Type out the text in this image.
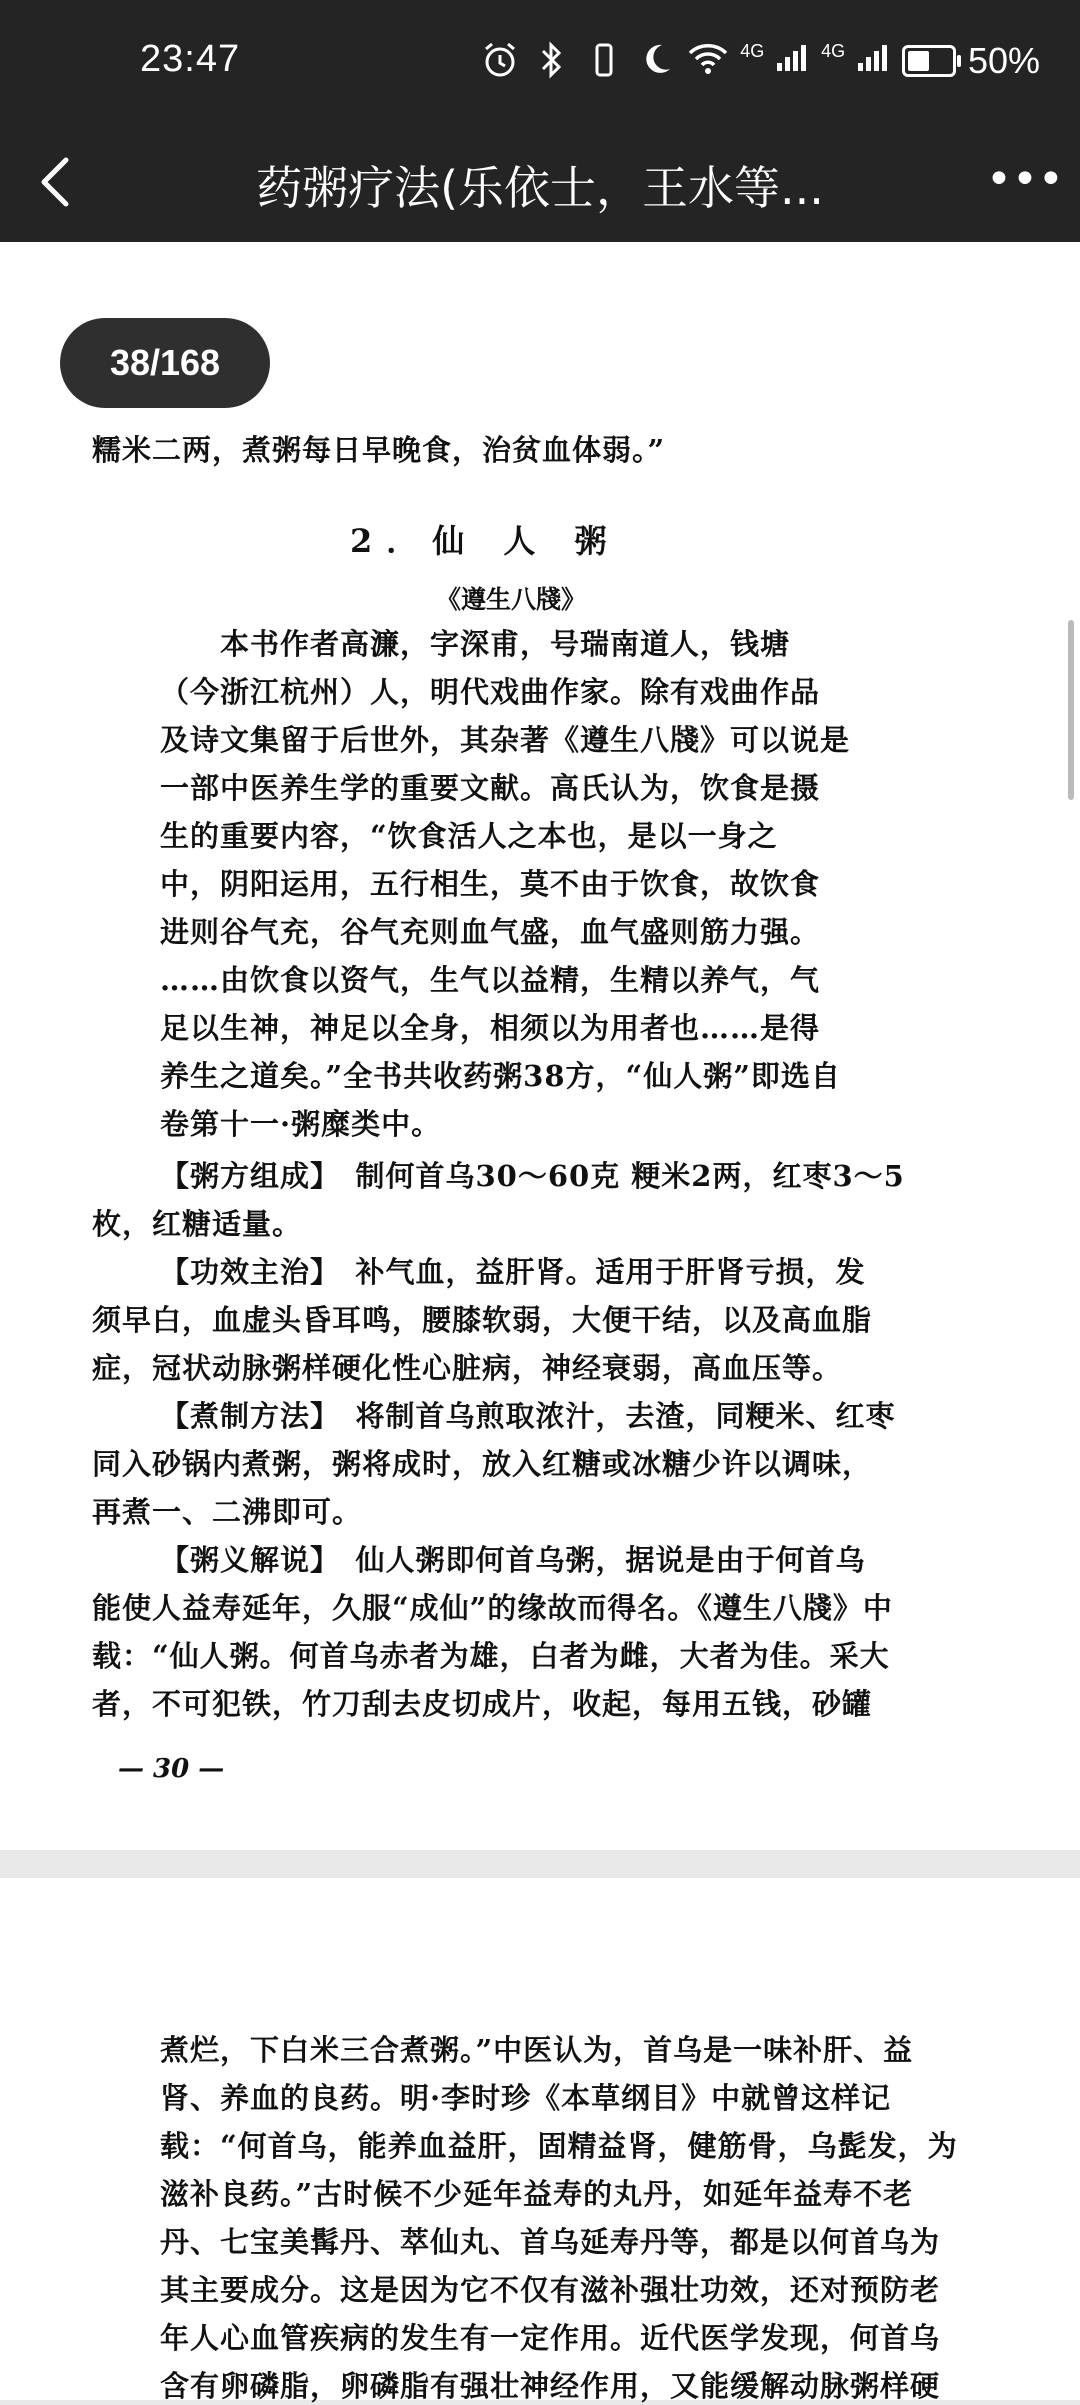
23:47	$^{4G}$	$^{4G}$	50%
药粥疗法(乐依士，王水等...	•••
糯米二两，煮粥每日早晚食，治贫血体弱。”
2．仙 人 粥
《遵生八牋》
本书作者高濂，字深甫，号瑞南道人，钱塘
（今浙江杭州）人，明代戏曲作家。除有戏曲作品
及诗文集留于后世外，其杂著《遵生八牋》可以说是
一部中医养生学的重要文献。高氏认为，饮食是摄
生的重要内容，“饮食活人之本也，是以一身之
中，阴阳运用，五行相生，莫不由于饮食，故饮食
进则谷气充，谷气充则血气盛，血气盛则筋力强。
……由饮食以资气，生气以益精，生精以养气，气
足以生神，神足以全身，相须以为用者也……是得
养生之道矣。”全书共收药粥38方，“仙人粥”即选自
卷第十一·粥糜类中。
【粥方组成】　制何首乌30～60克 粳米2两，红枣3～5
枚，红糖适量。
【功效主治】　补气血，益肝肾。适用于肝肾亏损，发
须早白，血虚头昏耳鸣，腰膝软弱，大便干结，以及高血脂
症，冠状动脉粥样硬化性心脏病，神经衰弱，高血压等。
【煮制方法】　将制首乌煎取浓汁，去渣，同粳米、红枣
同入砂锅内煮粥，粥将成时，放入红糖或冰糖少许以调味，
再煮一、二沸即可。
【粥义解说】　仙人粥即何首乌粥，据说是由于何首乌
能使人益寿延年，久服“成仙”的缘故而得名。《遵生八牋》中
载：“仙人粥。何首乌赤者为雄，白者为雌，大者为佳。采大
者，不可犯铁，竹刀刮去皮切成片，收起，每用五钱，砂罐
— 30 —
38/168
煮烂，下白米三合煮粥。”中医认为，首乌是一味补肝、益
肾、养血的良药。明·李时珍《本草纲目》中就曾这样记
载：“何首乌，能养血益肝，固精益肾，健筋骨，乌髭发，为
滋补良药。”古时候不少延年益寿的丸丹，如延年益寿不老
丹、七宝美髯丹、萃仙丸、首乌延寿丹等，都是以何首乌为
其主要成分。这是因为它不仅有滋补强壮功效，还对预防老
年人心血管疾病的发生有一定作用。近代医学发现，何首乌
含有卵磷脂，卵磷脂有强壮神经作用，又能缓解动脉粥样硬
